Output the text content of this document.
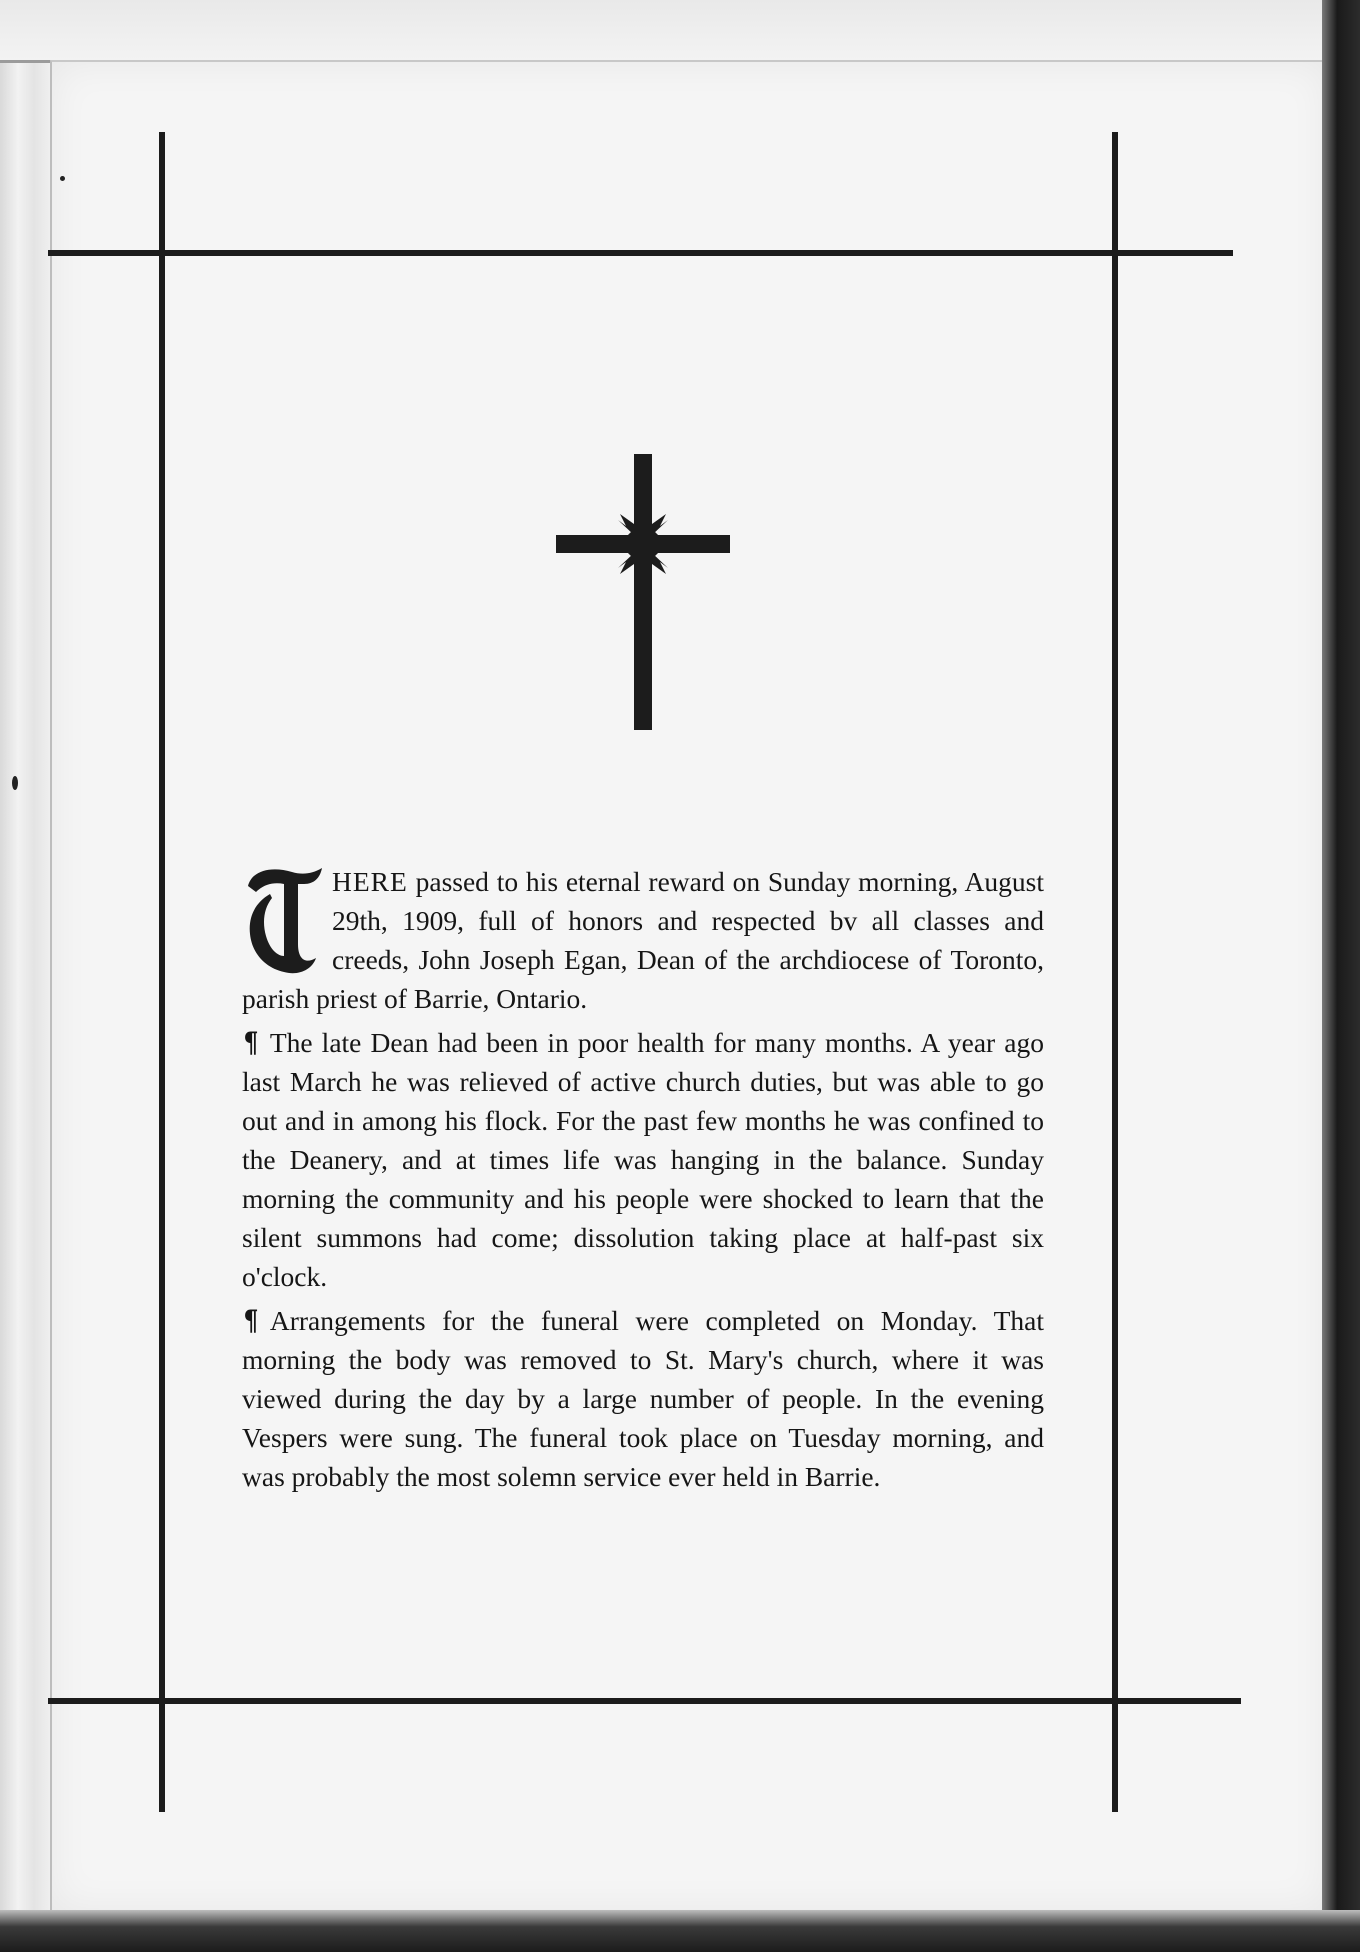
HERE passed to his eternal reward on Sunday morning, August 29th, 1909, full of honors and respected bv all classes and creeds, John Joseph Egan, Dean of the archdiocese of Toronto, parish priest of Barrie, Ontario.

¶ The late Dean had been in poor health for many months. A year ago last March he was relieved of active church duties, but was able to go out and in among his flock. For the past few months he was confined to the Deanery, and at times life was hanging in the balance. Sunday morning the community and his people were shocked to learn that the silent summons had come; dissolution taking place at half-past six o'clock.

¶ Arrangements for the funeral were completed on Monday. That morning the body was removed to St. Mary's church, where it was viewed during the day by a large number of people. In the evening Vespers were sung. The funeral took place on Tuesday morning, and was probably the most solemn service ever held in Barrie.
